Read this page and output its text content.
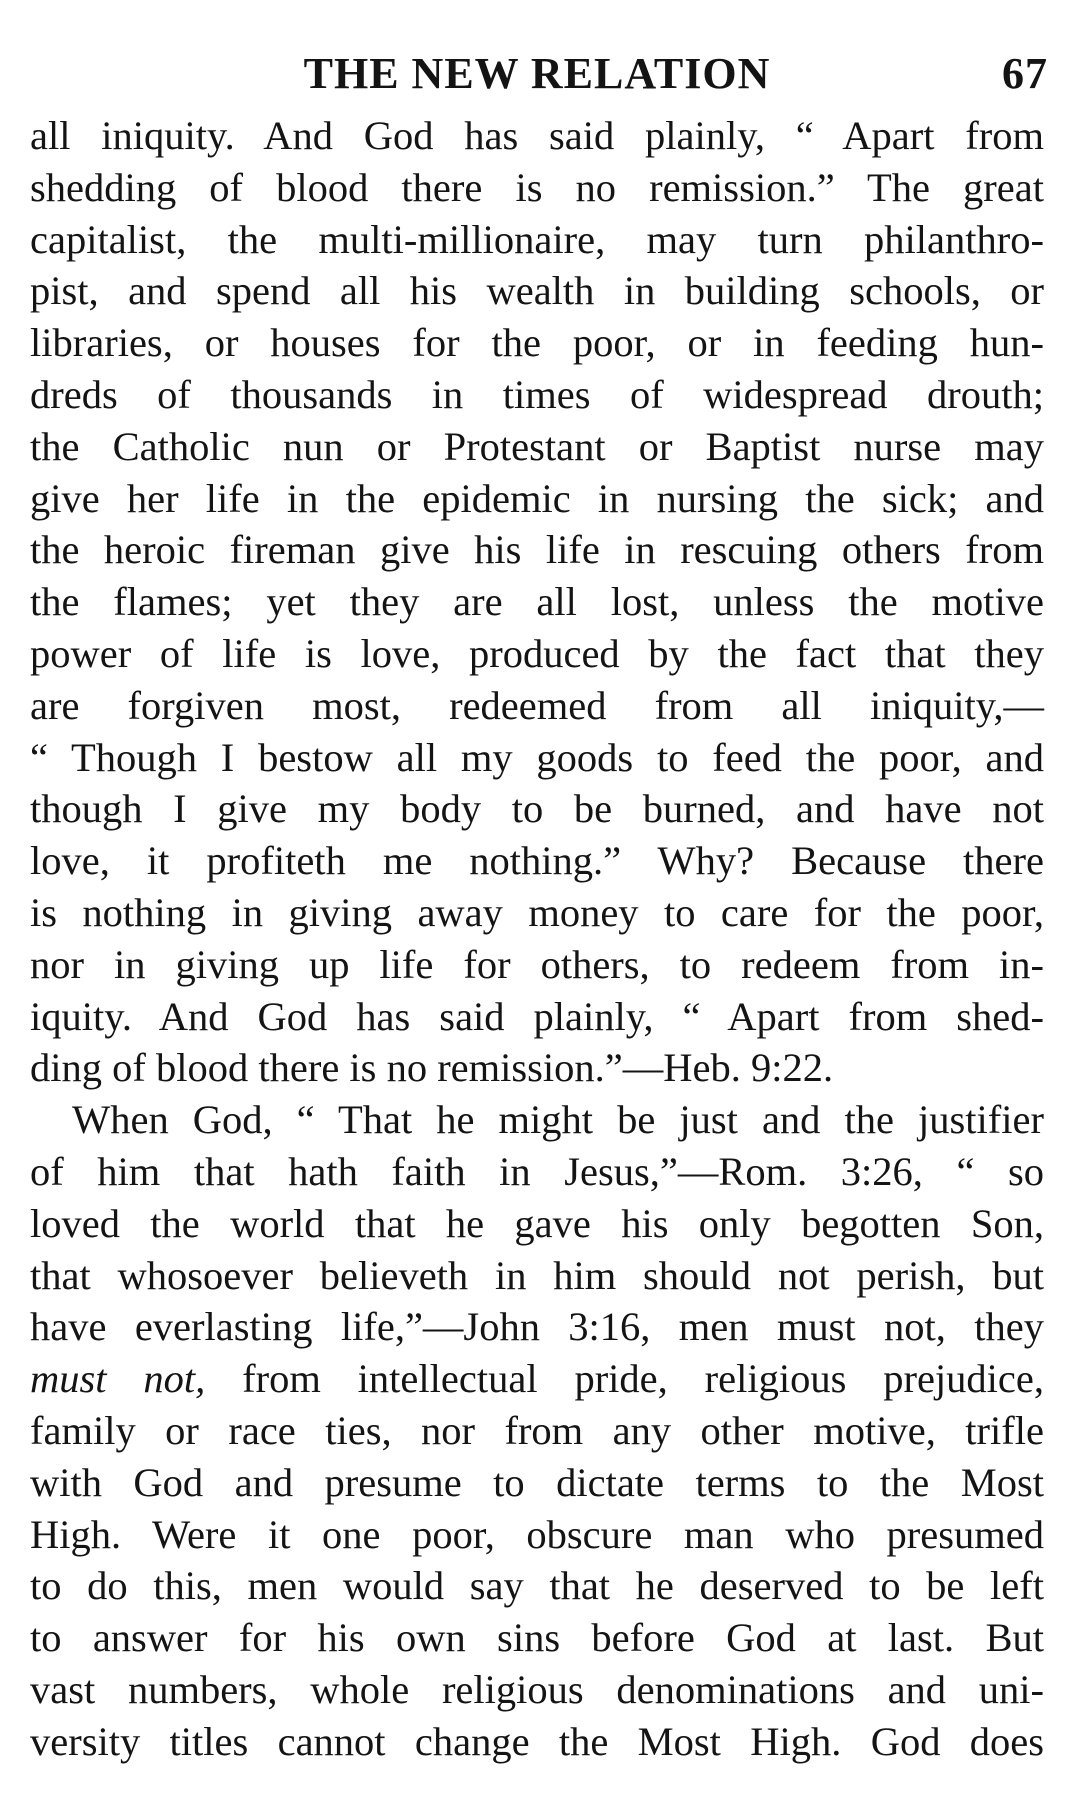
THE NEW RELATION	67

all iniquity. And God has said plainly, “ Apart from
shedding of blood there is no remission.” The great
capitalist, the multi-millionaire, may turn philanthro-
pist, and spend all his wealth in building schools, or
libraries, or houses for the poor, or in feeding hun-
dreds of thousands in times of widespread drouth;
the Catholic nun or Protestant or Baptist nurse may
give her life in the epidemic in nursing the sick; and
the heroic fireman give his life in rescuing others from
the flames; yet they are all lost, unless the motive
power of life is love, produced by the fact that they
are forgiven most, redeemed from all iniquity,—
“ Though I bestow all my goods to feed the poor, and
though I give my body to be burned, and have not
love, it profiteth me nothing.” Why? Because there
is nothing in giving away money to care for the poor,
nor in giving up life for others, to redeem from in-
iquity. And God has said plainly, “ Apart from shed-
ding of blood there is no remission.”—Heb. 9:22.

When God, “ That he might be just and the justifier
of him that hath faith in Jesus,”—Rom. 3:26, “ so
loved the world that he gave his only begotten Son,
that whosoever believeth in him should not perish, but
have everlasting life,”—John 3:16, men must not, they
must not, from intellectual pride, religious prejudice,
family or race ties, nor from any other motive, trifle
with God and presume to dictate terms to the Most
High. Were it one poor, obscure man who presumed
to do this, men would say that he deserved to be left
to answer for his own sins before God at last. But
vast numbers, whole religious denominations and uni-
versity titles cannot change the Most High. God does
